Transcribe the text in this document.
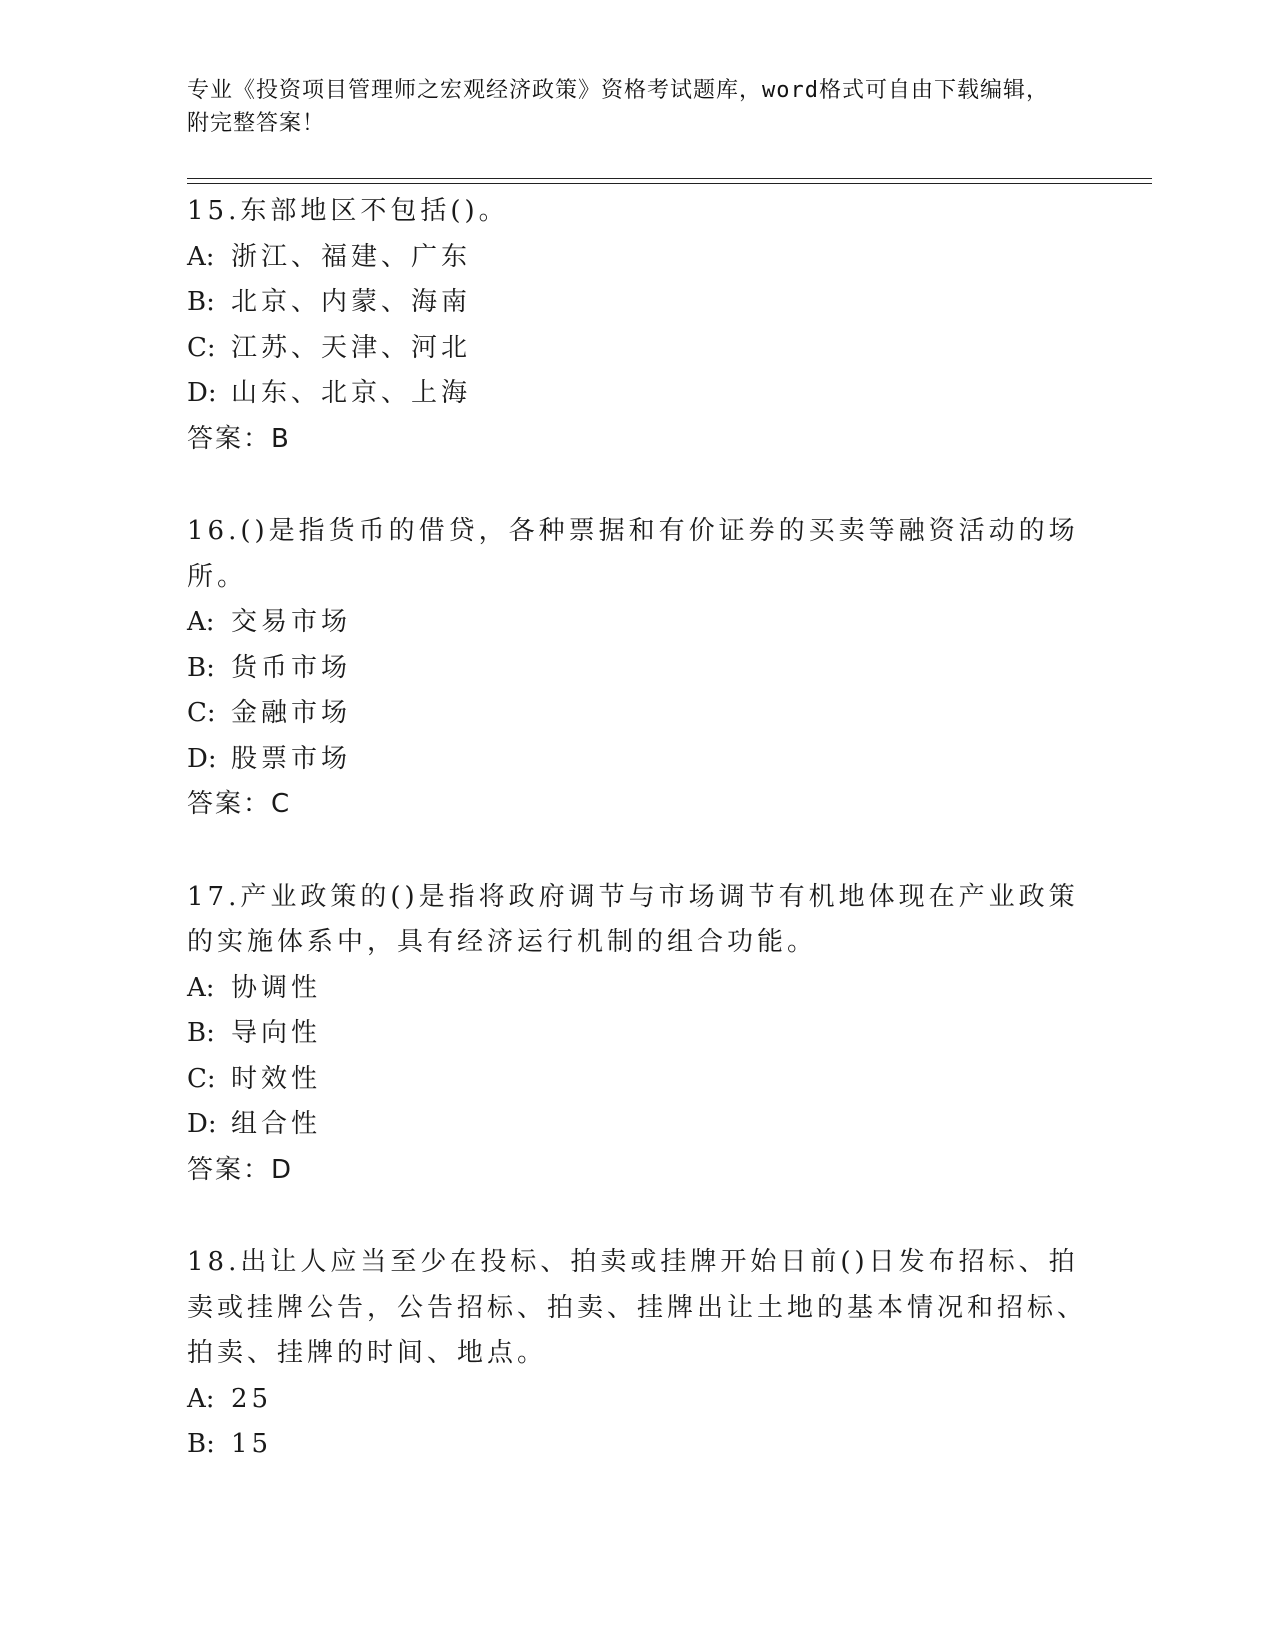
专业《投资项目管理师之宏观经济政策》资格考试题库，word格式可自由下载编辑，附完整答案！

15.东部地区不包括()。

A: 浙江、福建、广东

B: 北京、内蒙、海南

C: 江苏、天津、河北

D: 山东、北京、上海

答案：B

16.()是指货币的借贷，各种票据和有价证券的买卖等融资活动的场所。

A: 交易市场

B: 货币市场

C: 金融市场

D: 股票市场

答案：C

17.产业政策的()是指将政府调节与市场调节有机地体现在产业政策的实施体系中，具有经济运行机制的组合功能。

A: 协调性

B: 导向性

C: 时效性

D: 组合性

答案：D

18.出让人应当至少在投标、拍卖或挂牌开始日前()日发布招标、拍卖或挂牌公告，公告招标、拍卖、挂牌出让土地的基本情况和招标、拍卖、挂牌的时间、地点。

A: 25

B: 15
